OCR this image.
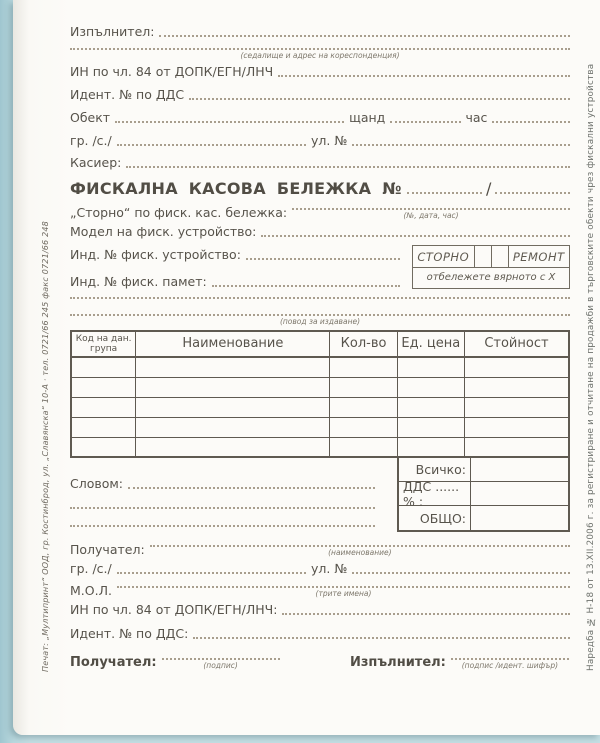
Печат: „Мултипринт“ ООД, гр. Костинброд, ул. „Славянска“ 10-А · тел. 0721/66 245 факс 0721/66 248	Наредба № Н-18 от 13.XII.2006 г. за регистриране и отчитане на продажби в търговските обекти чрез фискални устройства
Изпълнител:
(седалище и адрес на кореспонденция)
ИН по чл. 84 от ДОПК/ЕГН/ЛНЧ
Идент. № по ДДС
Обект	щанд	час
гр. /с./	ул. №
Касиер:
ФИСКАЛНА КАСОВА БЕЛЕЖКА №	/
„Сторно“ по фиск. кас. бележка:	(№, дата, час)
Модел на фиск. устройство:
Инд. № фиск. устройство:
Инд. № фиск. памет:
СТОРНО	РЕМОНТ
отбележете вярното с X
(повод за издаване)
Код на дан. група	Наименование	Кол-во	Ед. цена	Стойност

Словом:
Всичко:
ДДС ...... % :
ОБЩО:
Получател:	(наименование)
гр. /с./	ул. №
М.О.Л.	(трите имена)
ИН по чл. 84 от ДОПК/ЕГН/ЛНЧ:
Идент. № по ДДС:
Получател:	(подпис)	Изпълнител:	(подпис /идент. шифър)
